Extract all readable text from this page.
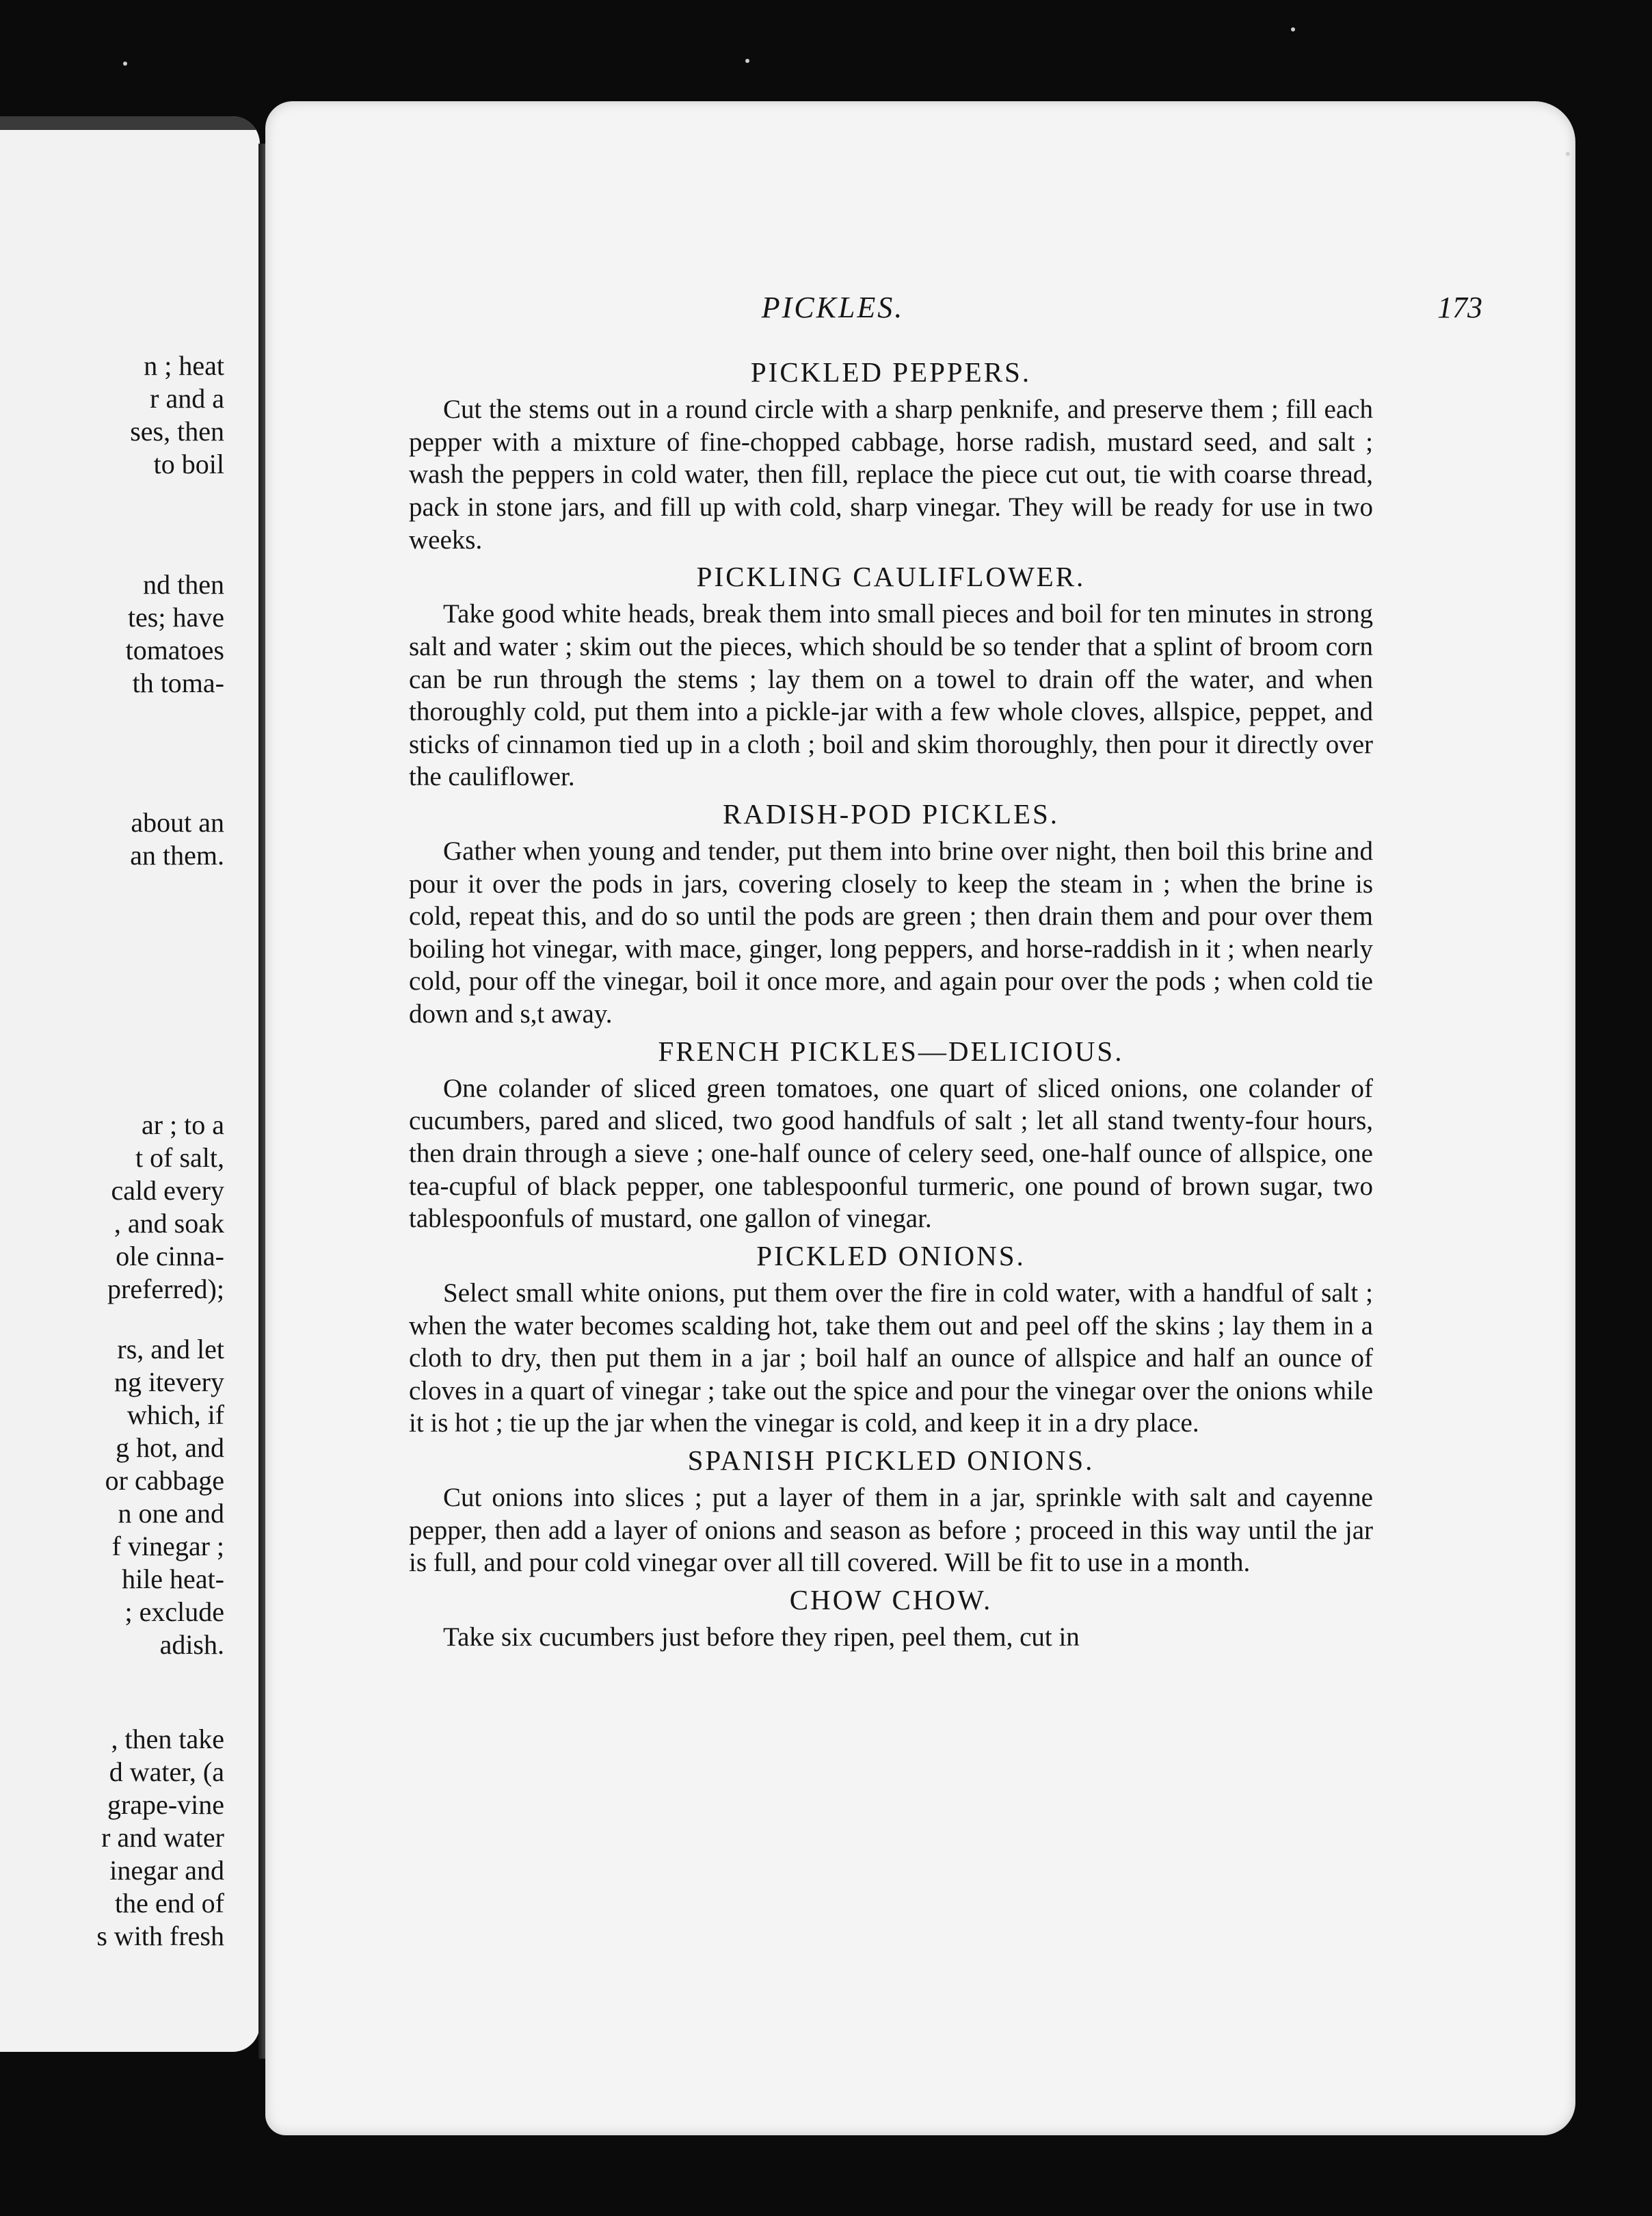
n ; heat
r and a
ses, then
to boil
nd then
tes; have
tomatoes
th toma-
about an
an them.
ar ; to a
t of salt,
cald every
, and soak
ole cinna-
preferred);
rs, and let
ng itevery
which, if
g hot, and
or cabbage
n one and
f vinegar ;
hile heat-
; exclude
adish.
, then take
d water, (a
grape-vine
r and water
inegar and
the end of
s with fresh
PICKLES.	173
PICKLED PEPPERS.

Cut the stems out in a round circle with a sharp penknife, and preserve them ; fill each pepper with a mixture of fine-chopped cabbage, horse radish, mustard seed, and salt ; wash the peppers in cold water, then fill, replace the piece cut out, tie with coarse thread, pack in stone jars, and fill up with cold, sharp vinegar. They will be ready for use in two weeks.

PICKLING CAULIFLOWER.

Take good white heads, break them into small pieces and boil for ten minutes in strong salt and water ; skim out the pieces, which should be so tender that a splint of broom corn can be run through the stems ; lay them on a towel to drain off the water, and when thoroughly cold, put them into a pickle-jar with a few whole cloves, allspice, peppet, and sticks of cinnamon tied up in a cloth ; boil and skim thoroughly, then pour it directly over the cauliflower.

RADISH-POD PICKLES.

Gather when young and tender, put them into brine over night, then boil this brine and pour it over the pods in jars, covering closely to keep the steam in ; when the brine is cold, repeat this, and do so until the pods are green ; then drain them and pour over them boiling hot vinegar, with mace, ginger, long peppers, and horse-raddish in it ; when nearly cold, pour off the vinegar, boil it once more, and again pour over the pods ; when cold tie down and s,t away.

FRENCH PICKLES—DELICIOUS.

One colander of sliced green tomatoes, one quart of sliced onions, one colander of cucumbers, pared and sliced, two good handfuls of salt ; let all stand twenty-four hours, then drain through a sieve ; one-half ounce of celery seed, one-half ounce of allspice, one tea-cupful of black pepper, one tablespoonful turmeric, one pound of brown sugar, two tablespoonfuls of mustard, one gallon of vinegar.

PICKLED ONIONS.

Select small white onions, put them over the fire in cold water, with a handful of salt ; when the water becomes scalding hot, take them out and peel off the skins ; lay them in a cloth to dry, then put them in a jar ; boil half an ounce of allspice and half an ounce of cloves in a quart of vinegar ; take out the spice and pour the vinegar over the onions while it is hot ; tie up the jar when the vinegar is cold, and keep it in a dry place.

SPANISH PICKLED ONIONS.

Cut onions into slices ; put a layer of them in a jar, sprinkle with salt and cayenne pepper, then add a layer of onions and season as before ; proceed in this way until the jar is full, and pour cold vinegar over all till covered. Will be fit to use in a month.

CHOW CHOW.

Take six cucumbers just before they ripen, peel them, cut in
